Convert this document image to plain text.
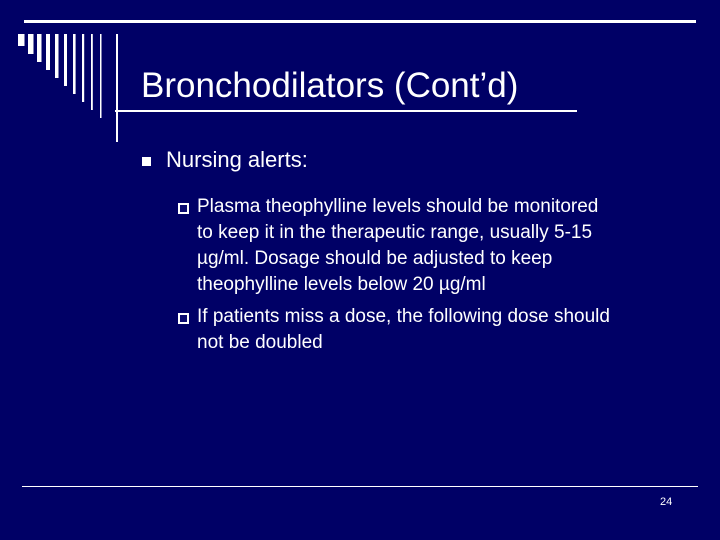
Bronchodilators (Cont’d)
Nursing alerts:
Plasma theophylline levels should be monitored
to keep it in the therapeutic range, usually 5-15
µg/ml. Dosage should be adjusted to keep
theophylline levels below 20 µg/ml
If patients miss a dose, the following dose should
not be doubled
24
